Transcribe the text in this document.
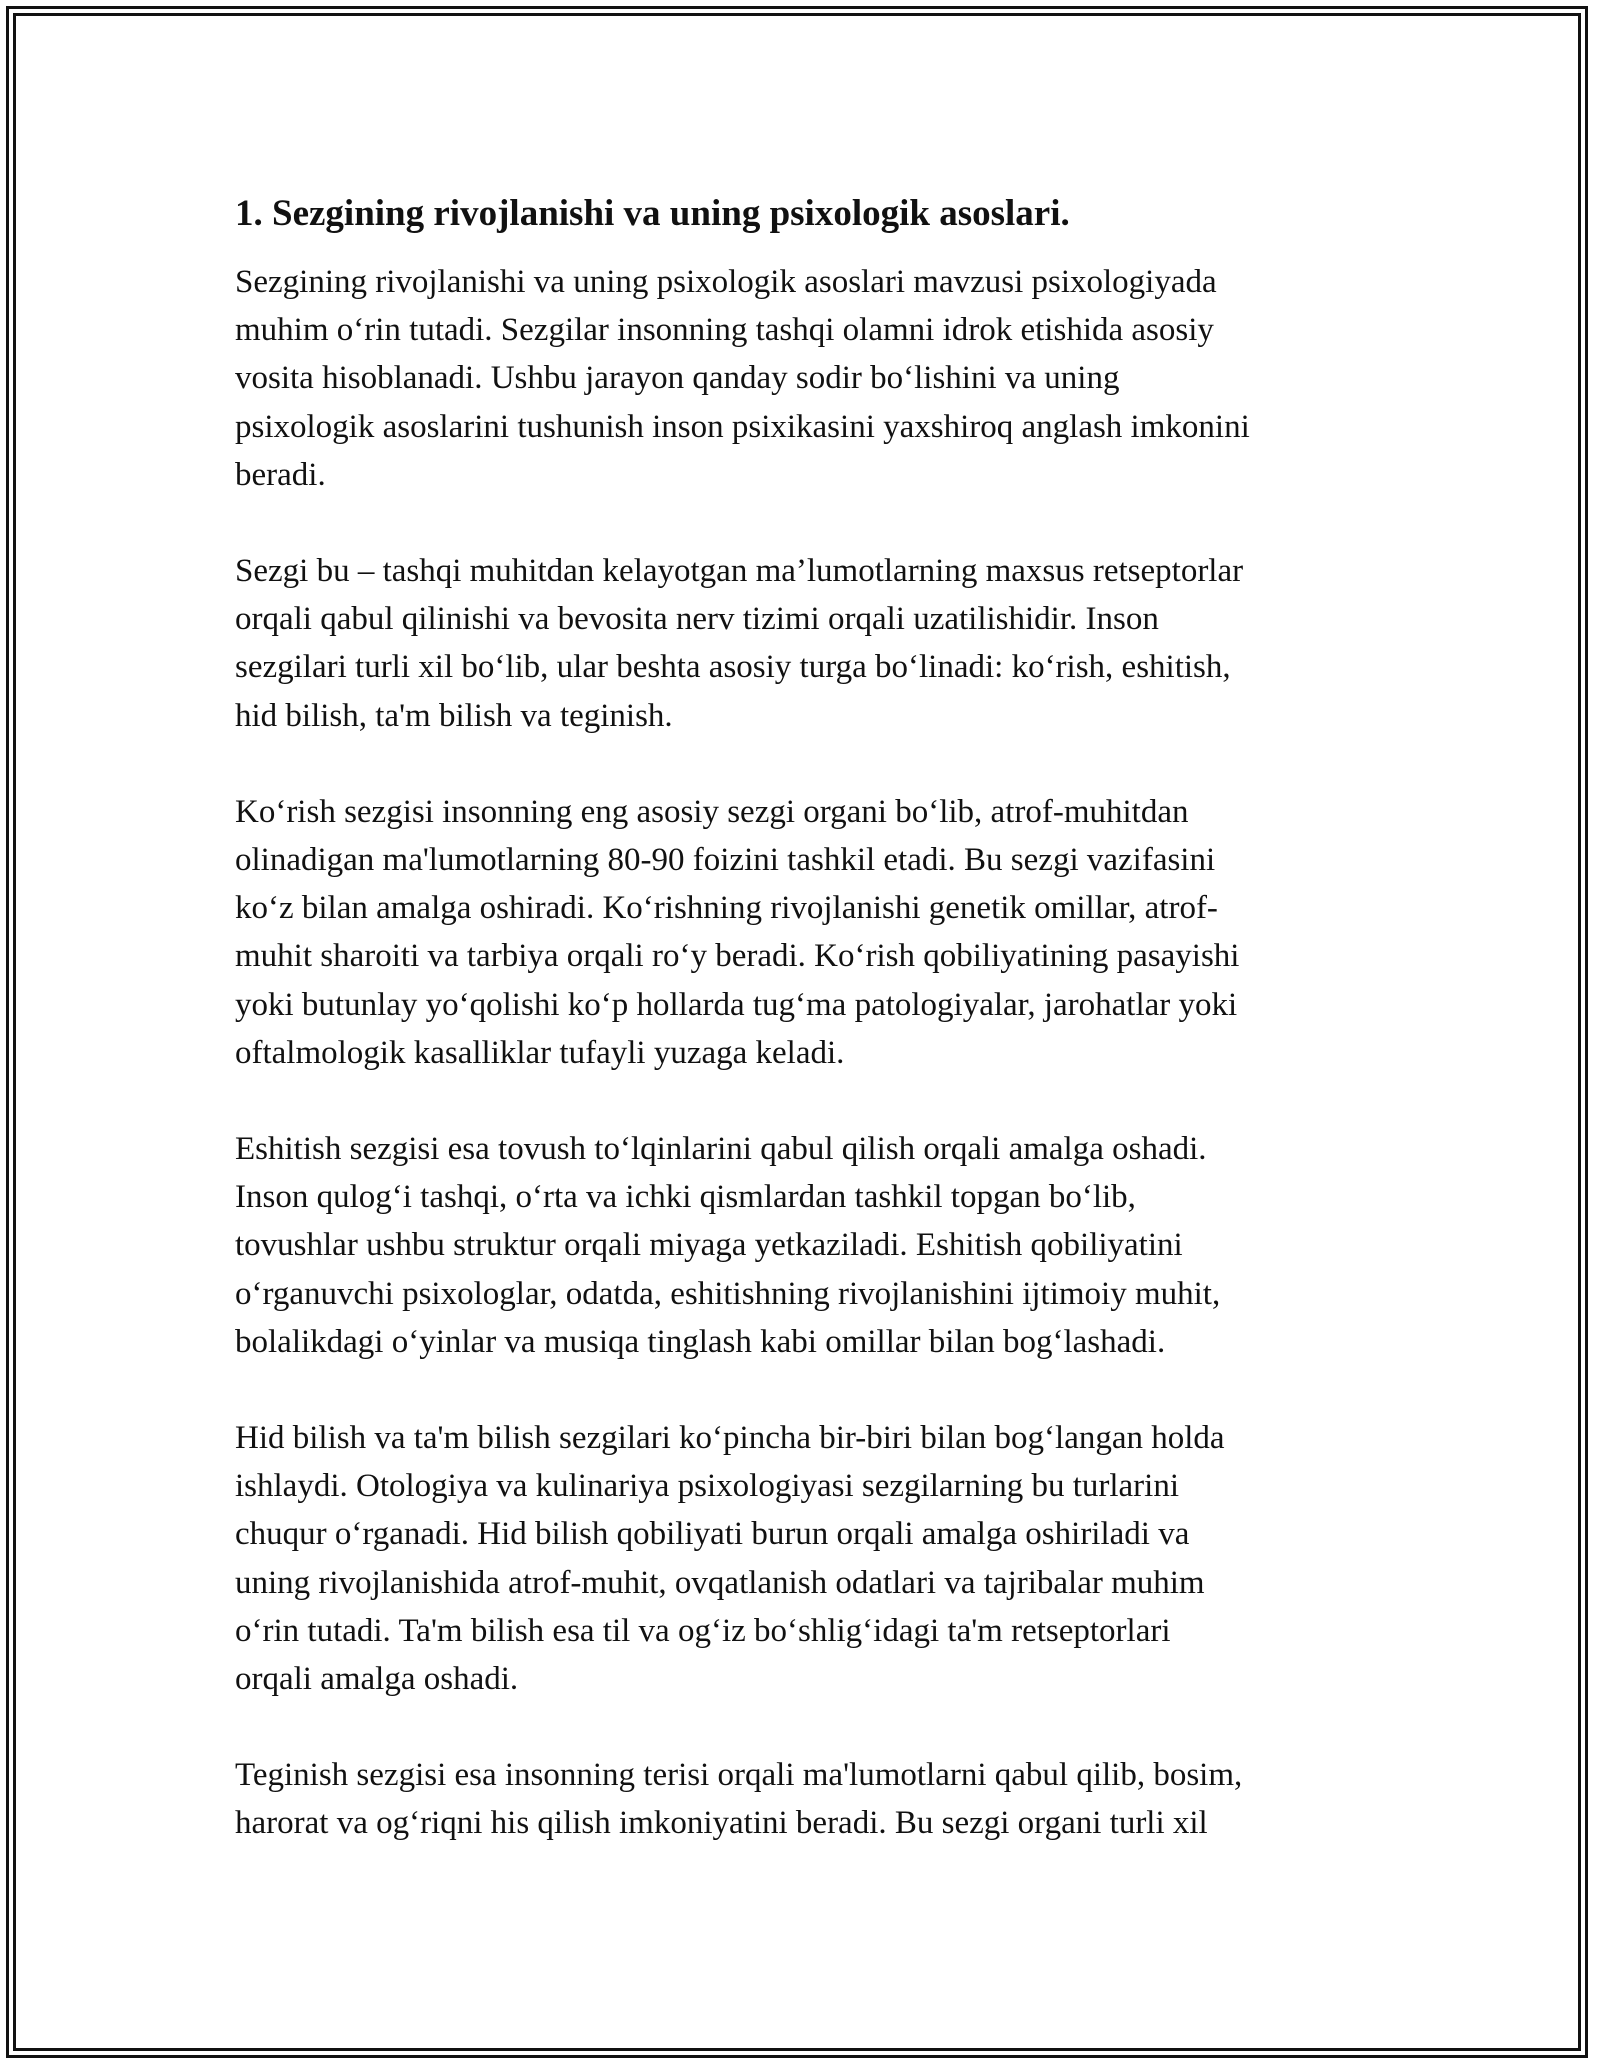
1. Sezgining rivojlanishi va uning psixologik asoslari.

Sezgining rivojlanishi va uning psixologik asoslari mavzusi psixologiyada
muhim o‘rin tutadi. Sezgilar insonning tashqi olamni idrok etishida asosiy
vosita hisoblanadi. Ushbu jarayon qanday sodir bo‘lishini va uning
psixologik asoslarini tushunish inson psixikasini yaxshiroq anglash imkonini
beradi.

Sezgi bu – tashqi muhitdan kelayotgan ma’lumotlarning maxsus retseptorlar
orqali qabul qilinishi va bevosita nerv tizimi orqali uzatilishidir. Inson
sezgilari turli xil bo‘lib, ular beshta asosiy turga bo‘linadi: ko‘rish, eshitish,
hid bilish, ta'm bilish va teginish.

Ko‘rish sezgisi insonning eng asosiy sezgi organi bo‘lib, atrof-muhitdan
olinadigan ma'lumotlarning 80-90 foizini tashkil etadi. Bu sezgi vazifasini
ko‘z bilan amalga oshiradi. Ko‘rishning rivojlanishi genetik omillar, atrof-
muhit sharoiti va tarbiya orqali ro‘y beradi. Ko‘rish qobiliyatining pasayishi
yoki butunlay yo‘qolishi ko‘p hollarda tug‘ma patologiyalar, jarohatlar yoki
oftalmologik kasalliklar tufayli yuzaga keladi.

Eshitish sezgisi esa tovush to‘lqinlarini qabul qilish orqali amalga oshadi.
Inson qulog‘i tashqi, o‘rta va ichki qismlardan tashkil topgan bo‘lib,
tovushlar ushbu struktur orqali miyaga yetkaziladi. Eshitish qobiliyatini
o‘rganuvchi psixologlar, odatda, eshitishning rivojlanishini ijtimoiy muhit,
bolalikdagi o‘yinlar va musiqa tinglash kabi omillar bilan bog‘lashadi.

Hid bilish va ta'm bilish sezgilari ko‘pincha bir-biri bilan bog‘langan holda
ishlaydi. Otologiya va kulinariya psixologiyasi sezgilarning bu turlarini
chuqur o‘rganadi. Hid bilish qobiliyati burun orqali amalga oshiriladi va
uning rivojlanishida atrof-muhit, ovqatlanish odatlari va tajribalar muhim
o‘rin tutadi. Ta'm bilish esa til va og‘iz bo‘shlig‘idagi ta'm retseptorlari
orqali amalga oshadi.

Teginish sezgisi esa insonning terisi orqali ma'lumotlarni qabul qilib, bosim,
harorat va og‘riqni his qilish imkoniyatini beradi. Bu sezgi organi turli xil
